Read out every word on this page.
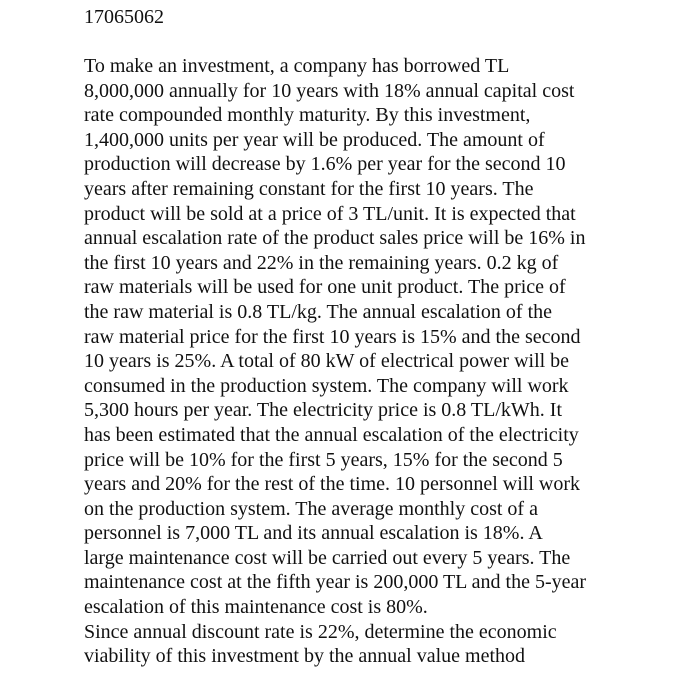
17065062
To make an investment, a company has borrowed TL
8,000,000 annually for 10 years with 18% annual capital cost
rate compounded monthly maturity. By this investment,
1,400,000 units per year will be produced. The amount of
production will decrease by 1.6% per year for the second 10
years after remaining constant for the first 10 years. The
product will be sold at a price of 3 TL/unit. It is expected that
annual escalation rate of the product sales price will be 16% in
the first 10 years and 22% in the remaining years. 0.2 kg of
raw materials will be used for one unit product. The price of
the raw material is 0.8 TL/kg. The annual escalation of the
raw material price for the first 10 years is 15% and the second
10 years is 25%. A total of 80 kW of electrical power will be
consumed in the production system. The company will work
5,300 hours per year. The electricity price is 0.8 TL/kWh. It
has been estimated that the annual escalation of the electricity
price will be 10% for the first 5 years, 15% for the second 5
years and 20% for the rest of the time. 10 personnel will work
on the production system. The average monthly cost of a
personnel is 7,000 TL and its annual escalation is 18%. A
large maintenance cost will be carried out every 5 years. The
maintenance cost at the fifth year is 200,000 TL and the 5-year
escalation of this maintenance cost is 80%.
Since annual discount rate is 22%, determine the economic
viability of this investment by the annual value method
